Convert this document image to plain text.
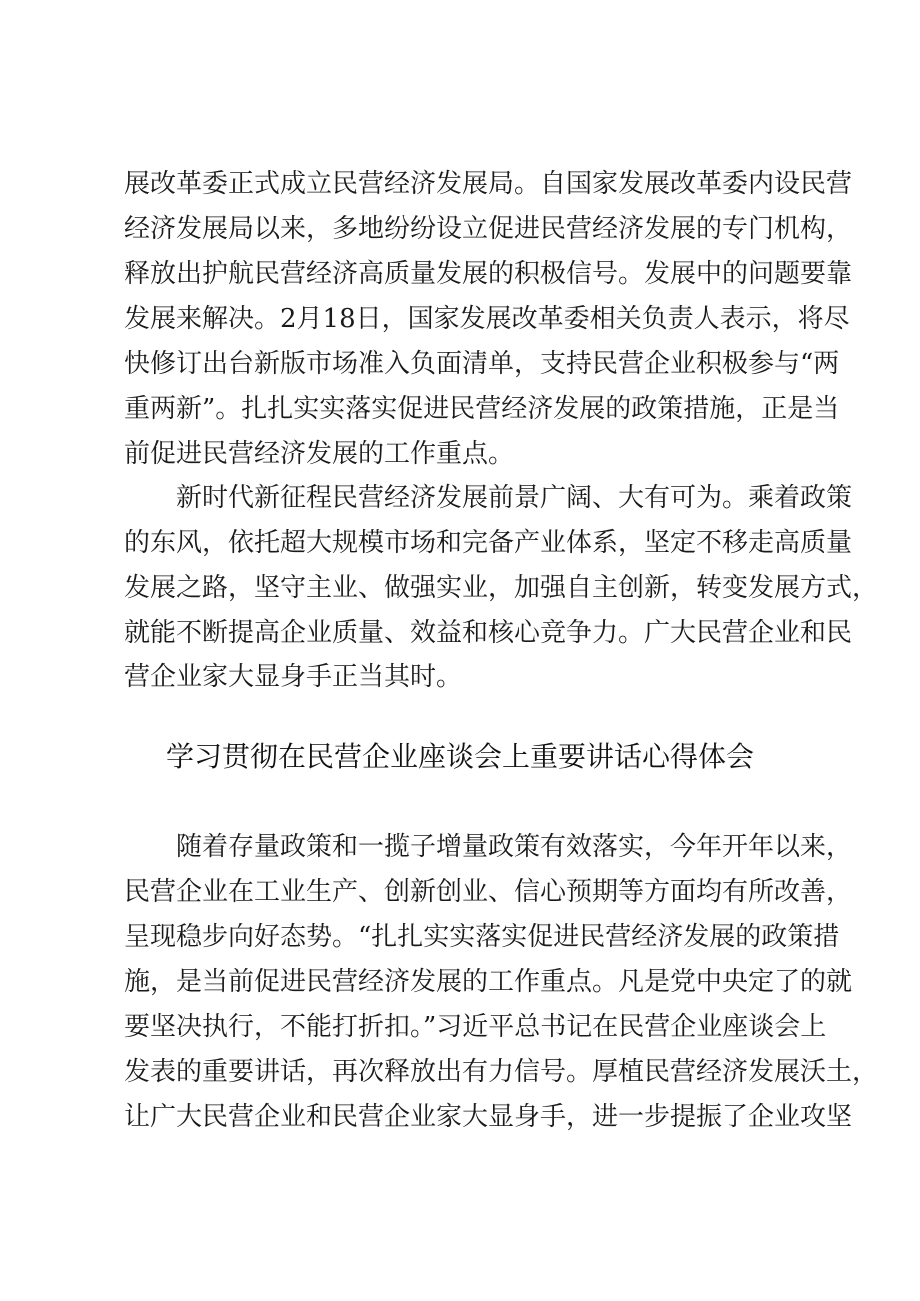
展改革委正式成立民营经济发展局。自国家发展改革委内设民营
经济发展局以来，多地纷纷设立促进民营经济发展的专门机构，
释放出护航民营经济高质量发展的积极信号。发展中的问题要靠
发展来解决。2月18日，国家发展改革委相关负责人表示，将尽
快修订出台新版市场准入负面清单，支持民营企业积极参与“两
重两新”。扎扎实实落实促进民营经济发展的政策措施，正是当
前促进民营经济发展的工作重点。
新时代新征程民营经济发展前景广阔、大有可为。乘着政策
的东风，依托超大规模市场和完备产业体系，坚定不移走高质量
发展之路，坚守主业、做强实业，加强自主创新，转变发展方式，
就能不断提高企业质量、效益和核心竞争力。广大民营企业和民
营企业家大显身手正当其时。
学习贯彻在民营企业座谈会上重要讲话心得体会
随着存量政策和一揽子增量政策有效落实，今年开年以来，
民营企业在工业生产、创新创业、信心预期等方面均有所改善，
呈现稳步向好态势。“扎扎实实落实促进民营经济发展的政策措
施，是当前促进民营经济发展的工作重点。凡是党中央定了的就
要坚决执行，不能打折扣。”习近平总书记在民营企业座谈会上
发表的重要讲话，再次释放出有力信号。厚植民营经济发展沃土，
让广大民营企业和民营企业家大显身手，进一步提振了企业攻坚
